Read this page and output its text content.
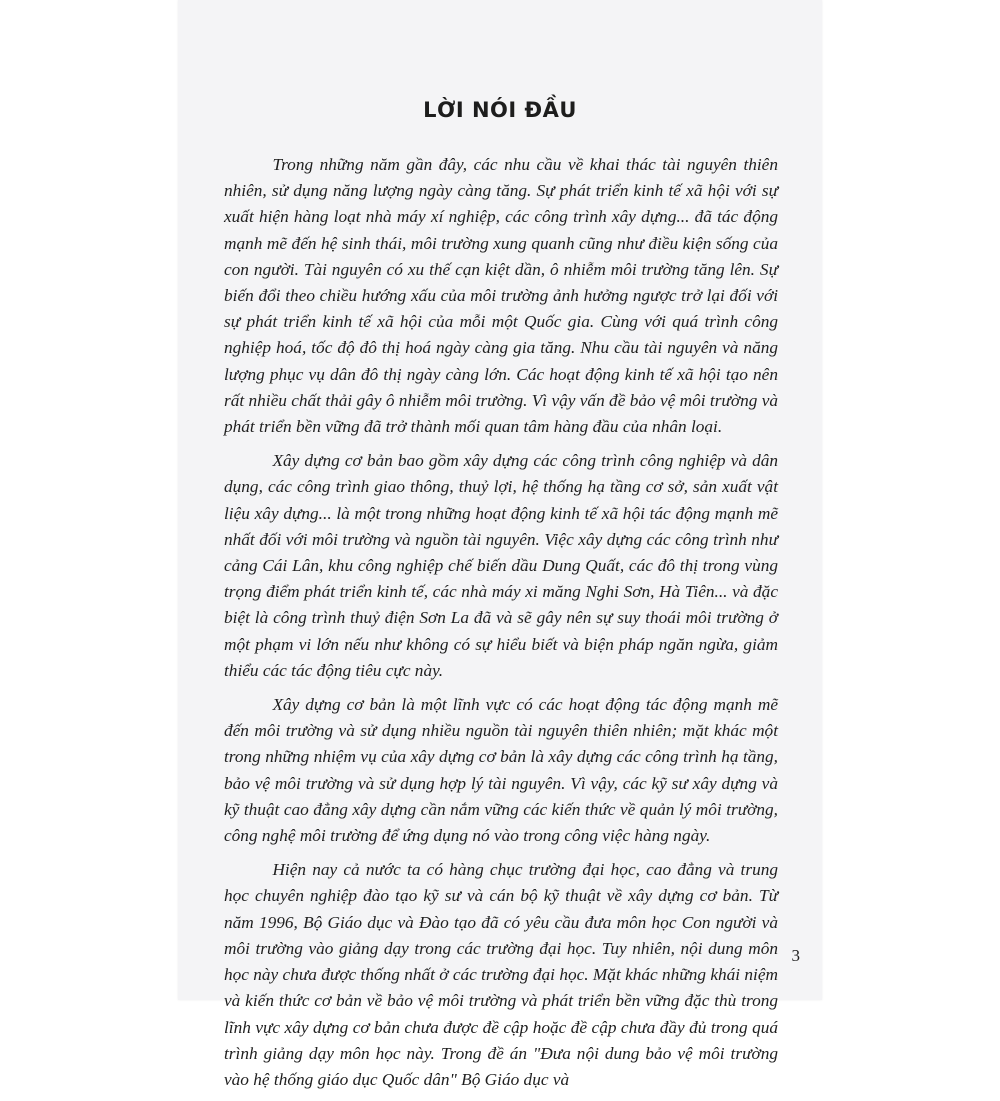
LỜI NÓI ĐẦU

Trong những năm gần đây, các nhu cầu về khai thác tài nguyên thiên nhiên, sử dụng năng lượng ngày càng tăng. Sự phát triển kinh tế xã hội với sự xuất hiện hàng loạt nhà máy xí nghiệp, các công trình xây dựng... đã tác động mạnh mẽ đến hệ sinh thái, môi trường xung quanh cũng như điều kiện sống của con người. Tài nguyên có xu thế cạn kiệt dần, ô nhiễm môi trường tăng lên. Sự biến đổi theo chiều hướng xấu của môi trường ảnh hưởng ngược trở lại đối với sự phát triển kinh tế xã hội của mỗi một Quốc gia. Cùng với quá trình công nghiệp hoá, tốc độ đô thị hoá ngày càng gia tăng. Nhu cầu tài nguyên và năng lượng phục vụ dân đô thị ngày càng lớn. Các hoạt động kinh tế xã hội tạo nên rất nhiều chất thải gây ô nhiễm môi trường. Vì vậy vấn đề bảo vệ môi trường và phát triển bền vững đã trở thành mối quan tâm hàng đầu của nhân loại.

Xây dựng cơ bản bao gồm xây dựng các công trình công nghiệp và dân dụng, các công trình giao thông, thuỷ lợi, hệ thống hạ tầng cơ sở, sản xuất vật liệu xây dựng... là một trong những hoạt động kinh tế xã hội tác động mạnh mẽ nhất đối với môi trường và nguồn tài nguyên. Việc xây dựng các công trình như cảng Cái Lân, khu công nghiệp chế biến dầu Dung Quất, các đô thị trong vùng trọng điểm phát triển kinh tế, các nhà máy xi măng Nghi Sơn, Hà Tiên... và đặc biệt là công trình thuỷ điện Sơn La đã và sẽ gây nên sự suy thoái môi trường ở một phạm vi lớn nếu như không có sự hiểu biết và biện pháp ngăn ngừa, giảm thiểu các tác động tiêu cực này.

Xây dựng cơ bản là một lĩnh vực có các hoạt động tác động mạnh mẽ đến môi trường và sử dụng nhiều nguồn tài nguyên thiên nhiên; mặt khác một trong những nhiệm vụ của xây dựng cơ bản là xây dựng các công trình hạ tầng, bảo vệ môi trường và sử dụng hợp lý tài nguyên. Vì vậy, các kỹ sư xây dựng và kỹ thuật cao đẳng xây dựng cần nắm vững các kiến thức về quản lý môi trường, công nghệ môi trường để ứng dụng nó vào trong công việc hàng ngày.

Hiện nay cả nước ta có hàng chục trường đại học, cao đẳng và trung học chuyên nghiệp đào tạo kỹ sư và cán bộ kỹ thuật về xây dựng cơ bản. Từ năm 1996, Bộ Giáo dục và Đào tạo đã có yêu cầu đưa môn học Con người và môi trường vào giảng dạy trong các trường đại học. Tuy nhiên, nội dung môn học này chưa được thống nhất ở các trường đại học. Mặt khác những khái niệm và kiến thức cơ bản về bảo vệ môi trường và phát triển bền vững đặc thù trong lĩnh vực xây dựng cơ bản chưa được đề cập hoặc đề cập chưa đầy đủ trong quá trình giảng dạy môn học này. Trong đề án "Đưa nội dung bảo vệ môi trường vào hệ thống giáo dục Quốc dân" Bộ Giáo dục và

3
